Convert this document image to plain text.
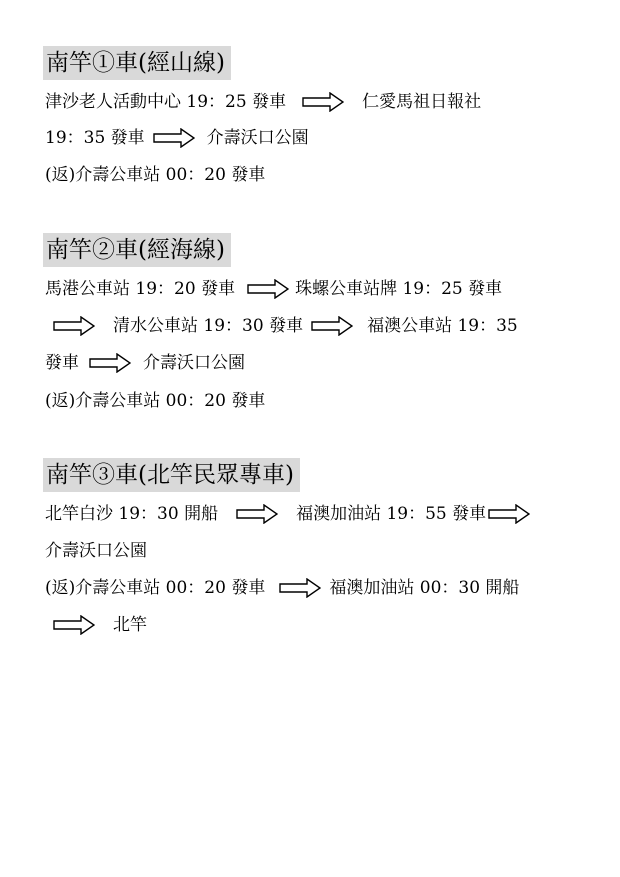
南竿①車(經山線)
津沙老人活動中心 19：25 發車	仁愛馬祖日報社
19：35 發車	介壽沃口公園
(返)介壽公車站 00：20 發車
南竿②車(經海線)
馬港公車站 19：20 發車	珠螺公車站牌 19：25 發車
清水公車站 19：30 發車	福澳公車站 19：35
發車	介壽沃口公園
(返)介壽公車站 00：20 發車
南竿③車(北竿民眾專車)
北竿白沙 19：30 開船	福澳加油站 19：55 發車
介壽沃口公園
(返)介壽公車站 00：20 發車	福澳加油站 00：30 開船
北竿
